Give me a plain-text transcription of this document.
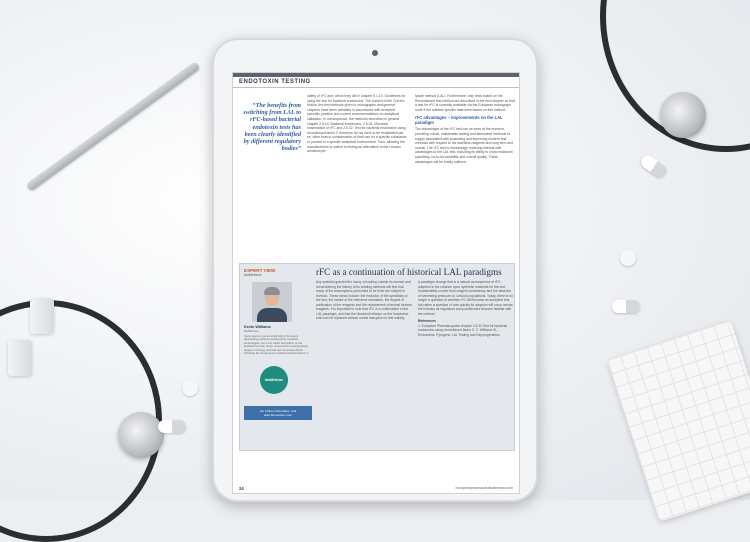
ENDOTOXIN TESTING
“The benefits from switching from LAL to rFC-based bacterial endotoxin tests has been clearly identified by different regulatory bodies”
safety of rFC and, which they did in chapter 5.1.10. Guidelines for using the test for bacterial endotoxins. The context of the Current Notice, the test methods given in monographs and general chapters have been validated in accordance with accepted scientific practice and current recommendations on analytical validation. In consequence, the methods described in general chapter 2.6.14. Bacterial endotoxins, 2.6.32. Microbial examination of rFC and 2.6.32. Test for bacterial endotoxins using recombinant factor C therefore do not have to be revalidated per se, other than in consideration of their use for a specific substance or product in a specific analytical environment. Thus, allowing the manufacturers to switch to testing an alternative to the Limulus amoebocyte
lysate method (LAL). Furthermore, only tests based on the Recombinant test method are described in the new chapter so that a test for rFC is currently available via the European monograph route if the suitable specific data were based on this method.
rFC advantages – improvements on the LAL paradigm
The advantages of the rFC test can be seen at the moment, providing robust, sustainable testing and alternative methods to supply associated with sustaining and improving modern test methods with respect to the stainless reagents and long term and overall. The rFC test is increasingly receiving interest with advantages to the LAL test, including its ability to show endotoxin specificity, lot-to-lot variability and overall quality. These advantages will be briefly outlined.
EXPERT VIEW
bioMérieux
Kevin Williams
bioMérieux
Kevin spent on years at Eli Lilly & Company developing endotoxin testing and innovative technologies. He is the editor and author of the Endotoxins book. Kevin received his undergraduate degree in biology, and has led numerous efforts including the development of Recombinant Factor C.
bioMérieux
For further information, visit www.biomerieux.com
rFC as a continuation of historical LAL paradigms
Any scientist granted the luxury of looking outside its domain and reconsidering the history of its existing methods will find that many of the assumptions presumed to be fixed are subject to revision. These areas include: the evolution of the specificity of the test, the nature of the reference standards, the degree of purification of the reagents and the replacement of animal derived reagents. It is important to note that rFC is a continuation of the LAL paradigm, and that the historical reliance on the horseshoe crab can be replaced without undue disruption to test validity.
A paradigm change that is a natural consequence of rFC adoption is the reliance upon synthetic materials for the test. Sustainability comes from reagent consistency and the absence of harvesting pressure on Limulus populations. Today, there is no longer a question of whether rFC will become an accepted test, but rather a question of how quickly its adoption will occur across the industry as regulators and practitioners become familiar with the method.
References
1. European Pharmacopoeia chapter 2.6.32 Test for bacterial endotoxins using recombinant factor C. 2. Williams KL, Endotoxins: Pyrogens, LAL Testing and Depyrogenation.
24	europeanpharmaceuticalreview.com
